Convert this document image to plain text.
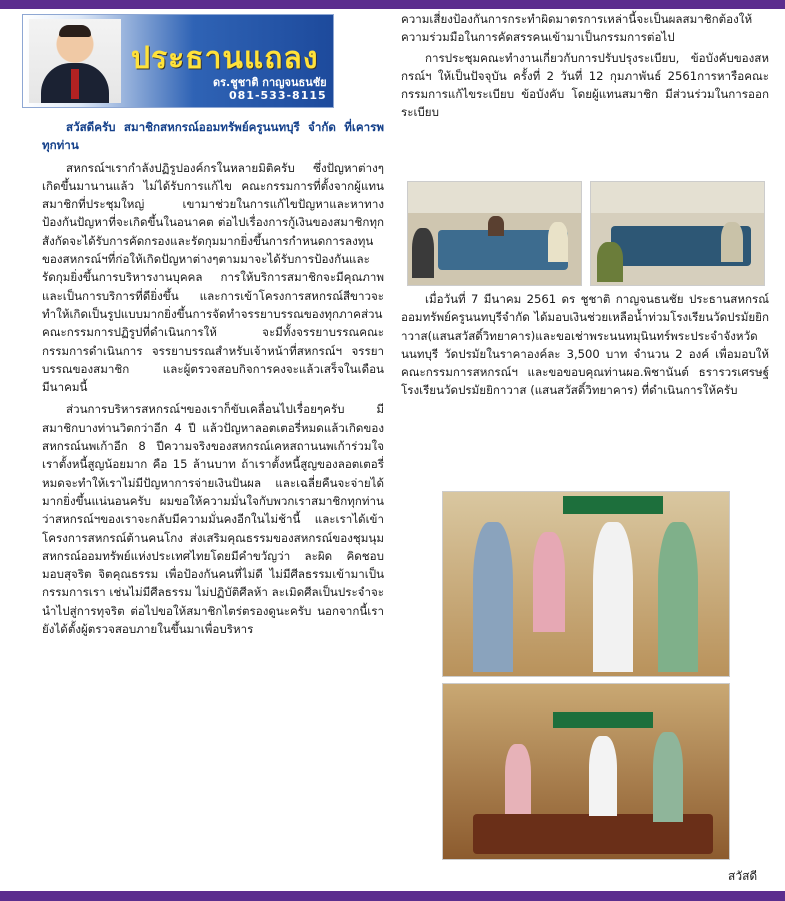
ประธานแถลง
ดร.ชูชาติ กาญจนธนชัย
081-533-8115

สวัสดีครับ สมาชิกสหกรณ์ออมทรัพย์ครูนนทบุรี จำกัด ที่เคารพทุกท่าน

สหกรณ์ฯเรากำลังปฏิรูปองค์กรในหลายมิติครับ ซึ่งปัญหาต่างๆ เกิดขึ้นมานานแล้ว ไม่ได้รับการแก้ไข คณะกรรมการที่ตั้งจากผู้แทนสมาชิกที่ประชุมใหญ่ เขามาช่วยในการแก้ไขปัญหาและหาทางป้องกันปัญหาที่จะเกิดขึ้นในอนาคต ต่อไปเรื่องการกู้เงินของสมาชิกทุกสังกัดจะได้รับการคัดกรองและรัดกุมมากยิ่งขึ้นการกำหนดการลงทุนของสหกรณ์ฯที่ก่อให้เกิดปัญหาต่างๆตามมาจะได้รับการป้องกันและรัดกุมยิ่งขึ้นการบริหารงานบุคคล การให้บริการสมาชิกจะมีคุณภาพ และเป็นการบริการที่ดียิ่งขึ้น และการเข้าโครงการสหกรณ์สีขาวจะทำให้เกิดเป็นรูปแบบมากยิ่งขึ้นการจัดทำจรรยาบรรณของทุกภาคส่วน คณะกรรมการปฏิรูปที่ดำเนินการให้ จะมีทั้งจรรยาบรรณคณะกรรมการดำเนินการ จรรยาบรรณสำหรับเจ้าหน้าที่สหกรณ์ฯ จรรยาบรรณของสมาชิก และผู้ตรวจสอบกิจการคงจะแล้วเสร็จในเดือนมีนาคมนี้

ส่วนการบริหารสหกรณ์ฯของเราก็ขับเคลื่อนไปเรื่อยๆครับ มีสมาชิกบางท่านวิตกว่าอีก 4 ปี แล้วปัญหาลอตเตอรี่หมดแล้วเกิดของสหกรณ์นพเก้าอีก 8 ปีความจริงของสหกรณ์เคหสถานนพเก้าร่วมใจเราตั้งหนี้สูญน้อยมาก คือ 15 ล้านบาท ถ้าเราตั้งหนี้สูญของลอตเตอรี่หมดจะทำให้เราไม่มีปัญหาการจ่ายเงินปันผล และเฉลี่ยคืนจะจ่ายได้มากยิ่งขึ้นแน่นอนครับ ผมขอให้ความมั่นใจกับพวกเราสมาชิกทุกท่านว่าสหกรณ์ฯของเราจะกลับมีความมั่นคงอีกในไม่ช้านี้ และเราได้เข้าโครงการสหกรณ์ต้านคนโกง ส่งเสริมคุณธรรมของสหกรณ์ของชุมนุมสหกรณ์ออมทรัพย์แห่งประเทศไทยโดยมีคำขวัญว่า ละผิด คิดชอบ มอบสุจริต จิตคุณธรรม เพื่อป้องกันคนที่ไม่ดี ไม่มีศีลธรรมเข้ามาเป็นกรรมการเรา เช่นไม่มีศีลธรรม ไม่ปฏิบัติศีลห้า ละเมิดศีลเป็นประจำจะนำไปสู่การทุจริต ต่อไปขอให้สมาชิกไตร่ตรองดูนะครับ นอกจากนี้เรายังได้ตั้งผู้ตรวจสอบภายในขึ้นมาเพื่อบริหาร

ความเสี่ยงป้องกันการกระทำผิดมาตรการเหล่านี้จะเป็นผลสมาชิกต้องให้ความร่วมมือในการคัดสรรคนเข้ามาเป็นกรรมการต่อไป

การประชุมคณะทำงานเกี่ยวกับการปรับปรุงระเบียบ, ข้อบังคับของสหกรณ์ฯ ให้เป็นปัจจุบัน ครั้งที่ 2 วันที่ 12 กุมภาพันธ์ 2561การหารือคณะกรรมการแก้ไขระเบียบ ข้อบังคับ โดยผู้แทนสมาชิก มีส่วนร่วมในการออกระเบียบ

เมื่อวันที่ 7 มีนาคม 2561 ดร ชูชาติ กาญจนธนชัย ประธานสหกรณ์ออมทรัพย์ครูนนทบุรีจำกัด ได้มอบเงินช่วยเหลือน้ำท่วมโรงเรียนวัดปรมัยยิกาวาส(แสนสวัสดิ์วิทยาคาร)และขอเช่าพระนนทมุนินทร์พระประจำจังหวัดนนทบุรี วัดปรมัยในราคาองค์ละ 3,500 บาท จำนวน 2 องค์ เพื่อมอบให้คณะกรรมการสหกรณ์ฯ และขอขอบคุณท่านผอ.พิชานันต์ ธรารวรเศรษฐ์ โรงเรียนวัดปรมัยยิกาวาส (แสนสวัสดิ์วิทยาคาร) ที่ดำเนินการให้ครับ

สวัสดี
